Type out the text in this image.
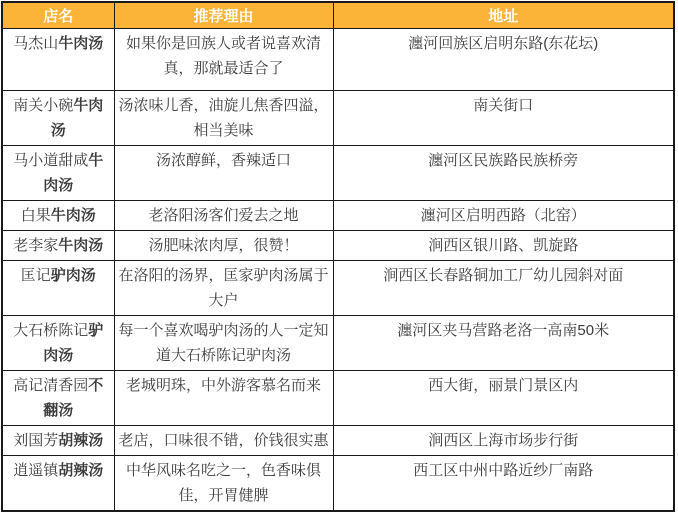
店名	推荐理由	地址
马杰山牛肉汤	如果你是回族人或者说喜欢清真，那就最适合了	瀍河回族区启明东路(东花坛)
南关小碗牛肉汤	汤浓味儿香，油旋儿焦香四溢，相当美味	南关街口
马小道甜咸牛肉汤	汤浓醇鲜，香辣适口	瀍河区民族路民族桥旁
白果牛肉汤	老洛阳汤客们爱去之地	瀍河区启明西路（北窑）
老李家牛肉汤	汤肥味浓肉厚，很赞！	涧西区银川路、凯旋路
匡记驴肉汤	在洛阳的汤界，匡家驴肉汤属于大户	涧西区长春路铜加工厂幼儿园斜对面
大石桥陈记驴肉汤	每一个喜欢喝驴肉汤的人一定知道大石桥陈记驴肉汤	瀍河区夹马营路老洛一高南50米
高记清香园不翻汤	老城明珠，中外游客慕名而来	西大街，丽景门景区内
刘国芳胡辣汤	老店，口味很不错，价钱很实惠	涧西区上海市场步行街
逍遥镇胡辣汤	中华风味名吃之一，色香味俱佳，开胃健脾	西工区中州中路近纱厂南路
